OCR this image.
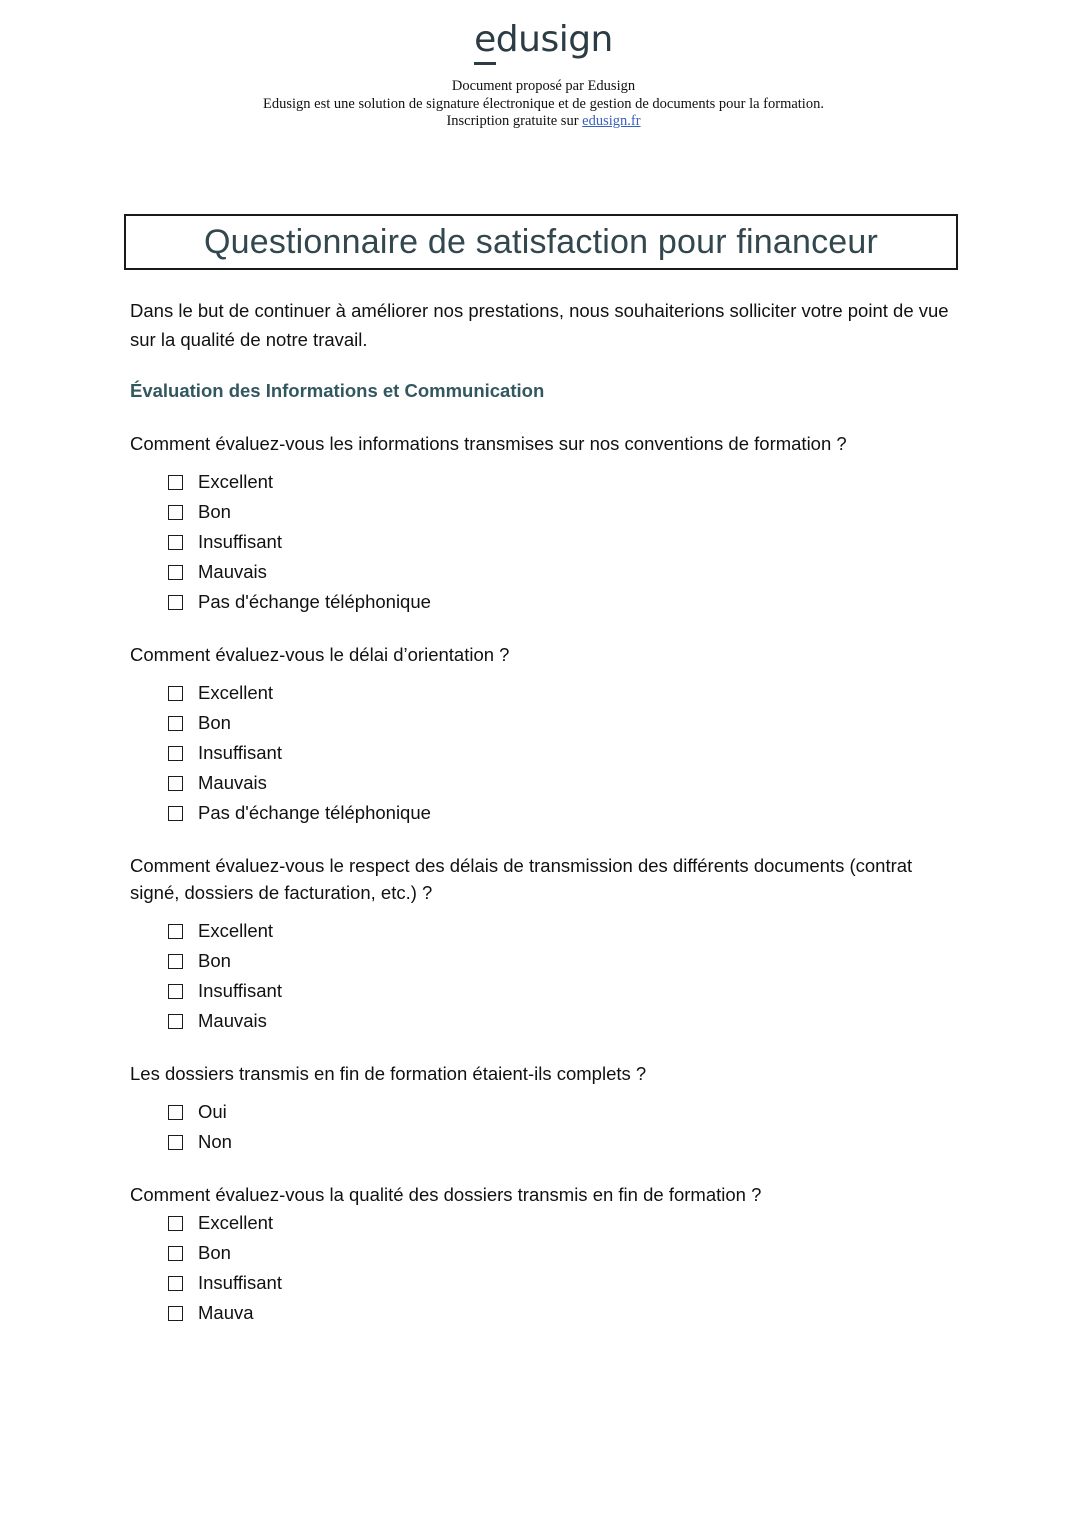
edusign
Document proposé par Edusign
Edusign est une solution de signature électronique et de gestion de documents pour la formation.
Inscription gratuite sur edusign.fr
Questionnaire de satisfaction pour financeur

Dans le but de continuer à améliorer nos prestations, nous souhaiterions solliciter votre point de vue sur la qualité de notre travail.

Évaluation des Informations et Communication

Comment évaluez-vous les informations transmises sur nos conventions de formation ?

Excellent
Bon
Insuffisant
Mauvais
Pas d'échange téléphonique

Comment évaluez-vous le délai d’orientation ?

Excellent
Bon
Insuffisant
Mauvais
Pas d'échange téléphonique

Comment évaluez-vous le respect des délais de transmission des différents documents (contrat signé, dossiers de facturation, etc.) ?

Excellent
Bon
Insuffisant
Mauvais

Les dossiers transmis en fin de formation étaient-ils complets ?

Oui
Non

Comment évaluez-vous la qualité des dossiers transmis en fin de formation ?

Excellent
Bon
Insuffisant
Mauva
